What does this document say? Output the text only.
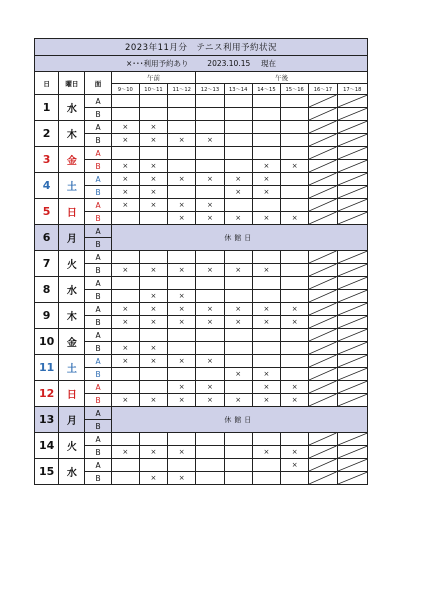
2023年11月分　テニス利用予約状況											
×･･･利用予約あり 2023.10.15 現在											
日	曜日	面	午前			午後					
			9～10	10～11	11～12	12～13	13～14	14～15	15～16	16～17	17～18
1	水	A								

		B								

2	木	A	×	×						

		B	×	×	×	×				

3	金	A								

		B	×	×				×	×	

4	土	A	×	×	×	×	×	×		

		B	×	×			×	×		

5	日	A	×	×	×	×				

		B			×	×	×	×	×	

6	月	A	休館日								
		B									
7	火	A								

		B	×	×	×	×	×	×		

8	水	A								

		B		×	×					

9	木	A	×	×	×	×	×	×	×	

		B	×	×	×	×	×	×	×	

10	金	A								

		B	×	×						

11	土	A	×	×	×	×				

		B					×	×		

12	日	A			×	×		×	×	

		B	×	×	×	×	×	×	×	

13	月	A	休館日								
		B									
14	火	A								

		B	×	×	×			×	×	

15	水	A							×	

		B		×	×					
